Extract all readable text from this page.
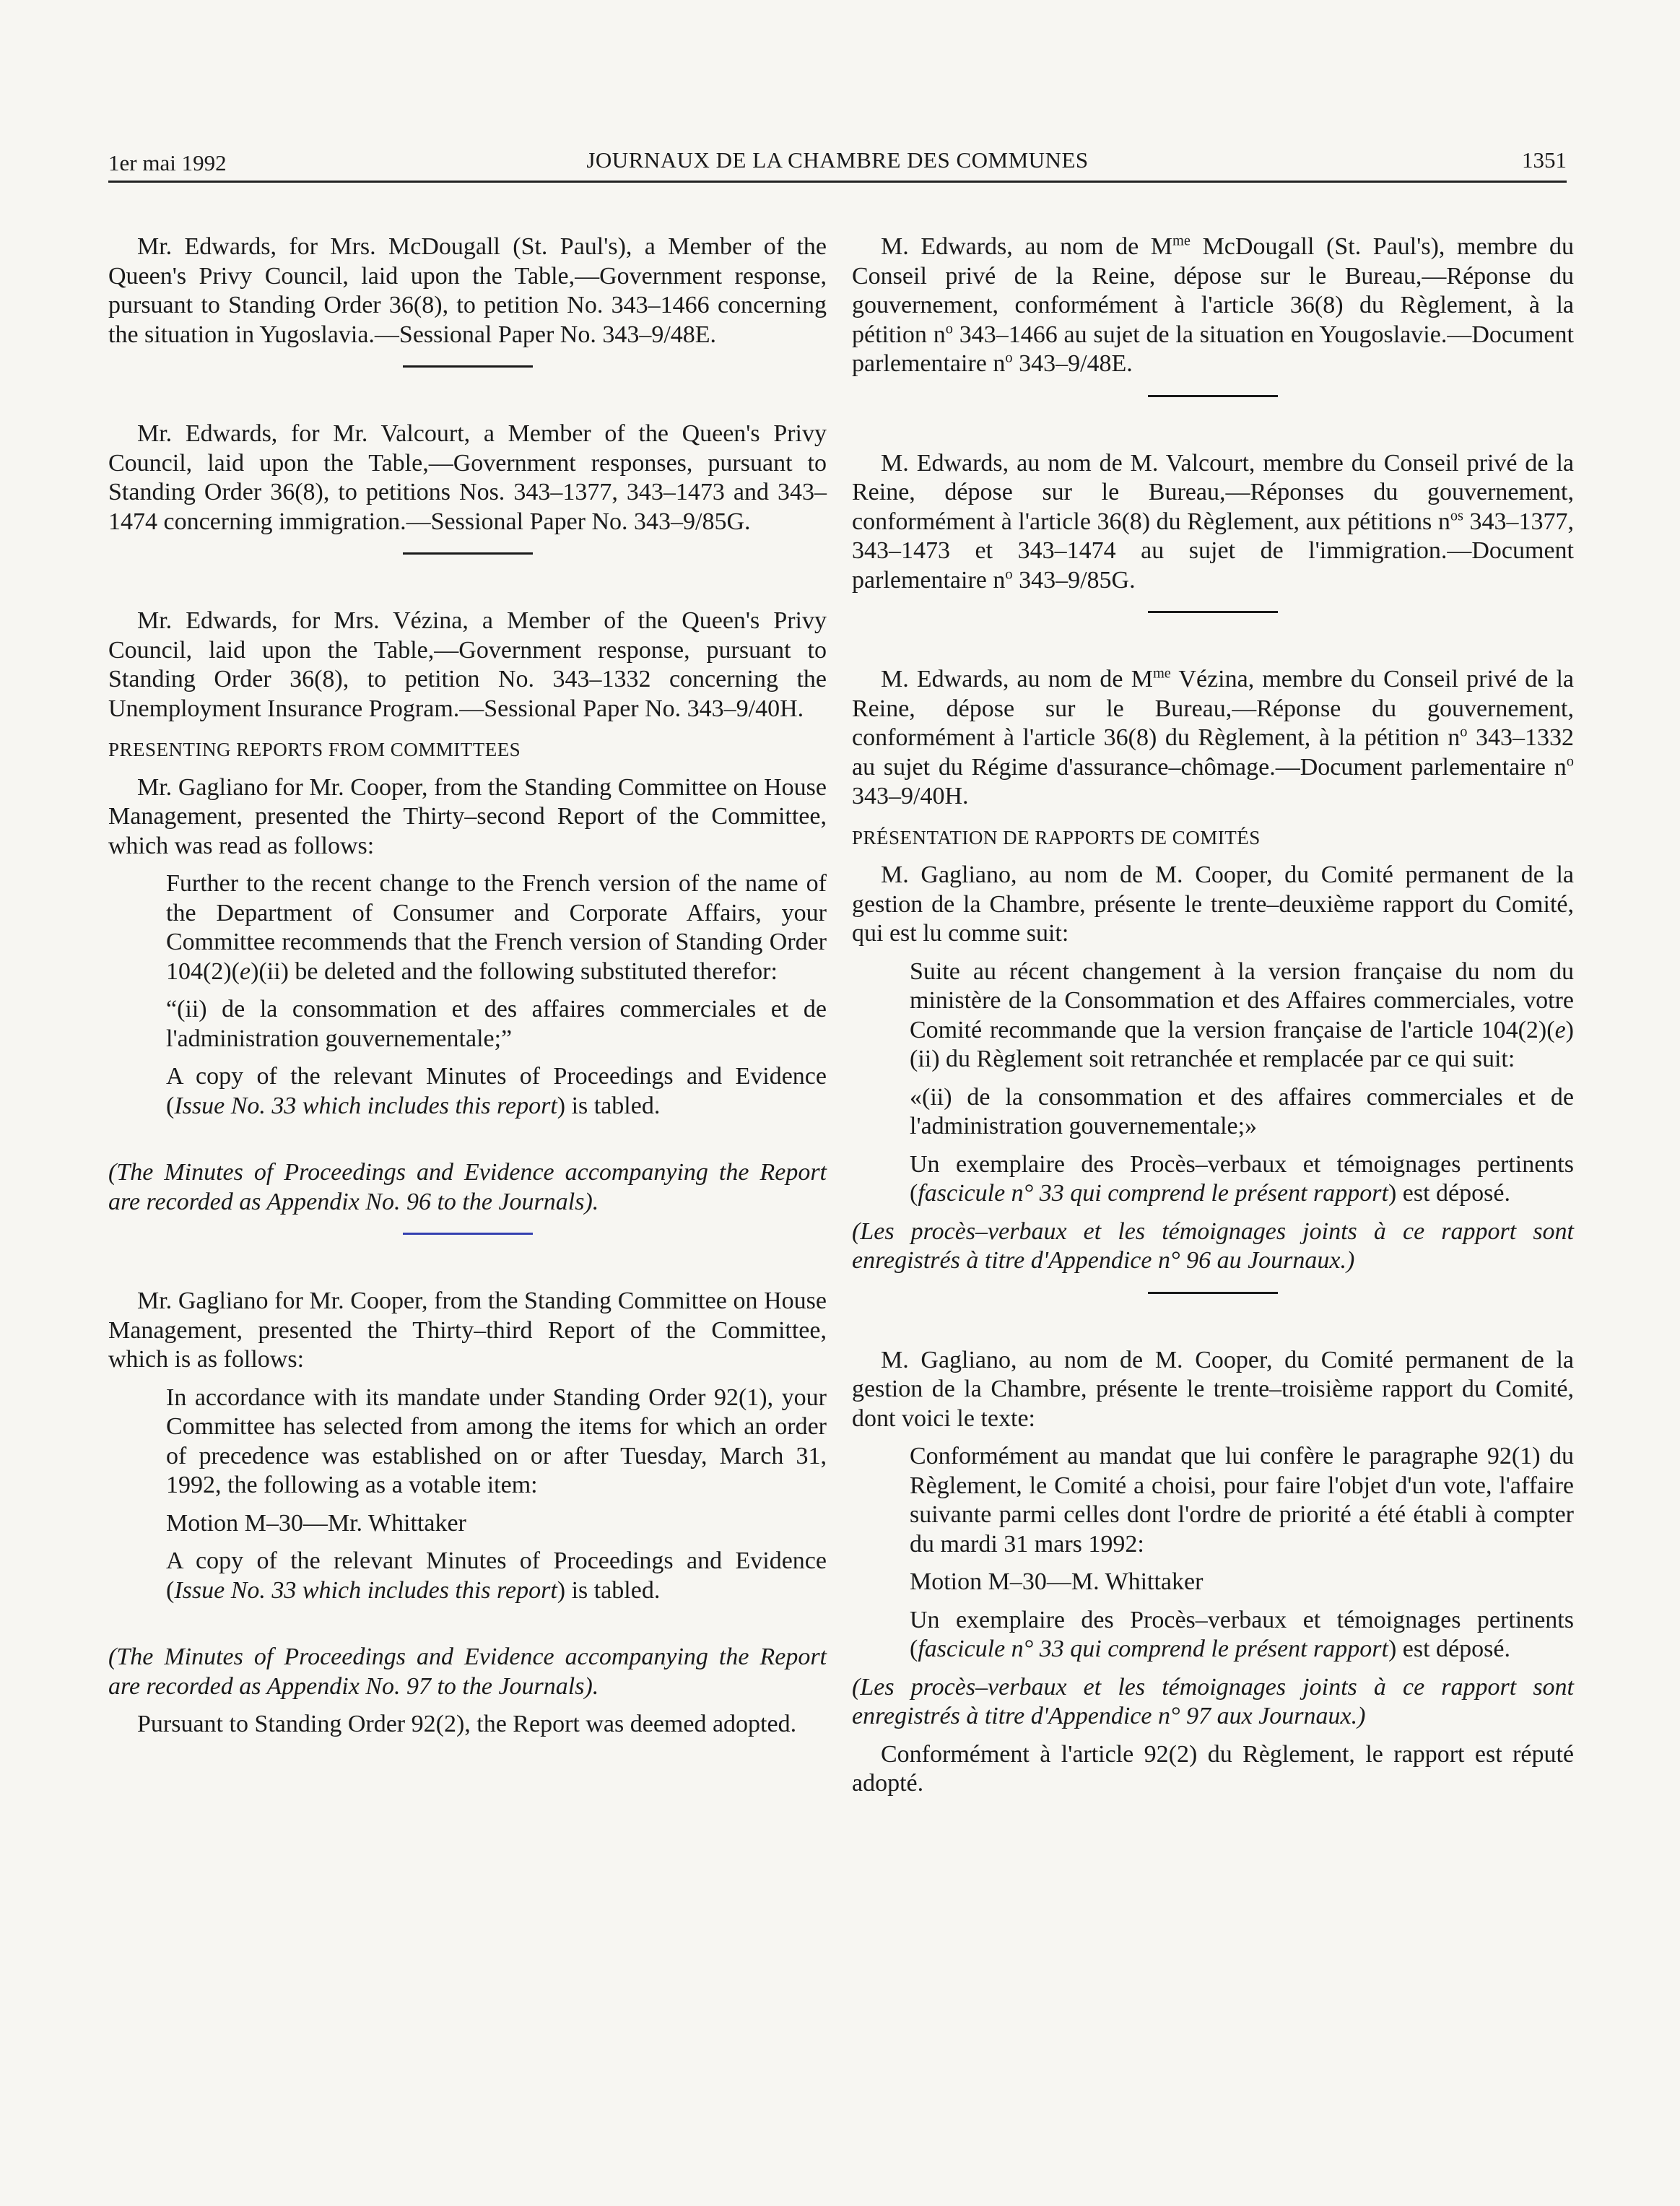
1er mai 1992	JOURNAUX DE LA CHAMBRE DES COMMUNES	1351

Mr. Edwards, for Mrs. McDougall (St. Paul's), a Member of the Queen's Privy Council, laid upon the Table,—Government response, pursuant to Standing Order 36(8), to petition No. 343–1466 concerning the situation in Yugoslavia.—Sessional Paper No. 343–9/48E.

Mr. Edwards, for Mr. Valcourt, a Member of the Queen's Privy Council, laid upon the Table,—Government responses, pursuant to Standing Order 36(8), to petitions Nos. 343–1377, 343–1473 and 343–1474 concerning immigration.—Sessional Paper No. 343–9/85G.

Mr. Edwards, for Mrs. Vézina, a Member of the Queen's Privy Council, laid upon the Table,—Government response, pursuant to Standing Order 36(8), to petition No. 343–1332 concerning the Unemployment Insurance Program.—Sessional Paper No. 343–9/40H.

PRESENTING REPORTS FROM COMMITTEES

Mr. Gagliano for Mr. Cooper, from the Standing Committee on House Management, presented the Thirty–second Report of the Committee, which was read as follows:

Further to the recent change to the French version of the name of the Department of Consumer and Corporate Affairs, your Committee recommends that the French version of Standing Order 104(2)(e)(ii) be deleted and the following substituted therefor:

“(ii) de la consommation et des affaires commerciales et de l'administration gouvernementale;”

A copy of the relevant Minutes of Proceedings and Evidence (Issue No. 33 which includes this report) is tabled.

(The Minutes of Proceedings and Evidence accompanying the Report are recorded as Appendix No. 96 to the Journals).

Mr. Gagliano for Mr. Cooper, from the Standing Committee on House Management, presented the Thirty–third Report of the Committee, which is as follows:

In accordance with its mandate under Standing Order 92(1), your Committee has selected from among the items for which an order of precedence was established on or after Tuesday, March 31, 1992, the following as a votable item:

Motion M–30—Mr. Whittaker

A copy of the relevant Minutes of Proceedings and Evidence (Issue No. 33 which includes this report) is tabled.

(The Minutes of Proceedings and Evidence accompanying the Report are recorded as Appendix No. 97 to the Journals).

Pursuant to Standing Order 92(2), the Report was deemed adopted.

M. Edwards, au nom de $M^{me}$ McDougall (St. Paul's), membre du Conseil privé de la Reine, dépose sur le Bureau,—Réponse du gouvernement, conformément à l'article 36(8) du Règlement, à la pétition $n^o$ 343–1466 au sujet de la situation en Yougoslavie.—Document parlementaire $n^o$ 343–9/48E.

M. Edwards, au nom de M. Valcourt, membre du Conseil privé de la Reine, dépose sur le Bureau,—Réponses du gouvernement, conformément à l'article 36(8) du Règlement, aux pétitions $n^{os}$ 343–1377, 343–1473 et 343–1474 au sujet de l'immigration.—Document parlementaire $n^o$ 343–9/85G.

M. Edwards, au nom de $M^{me}$ Vézina, membre du Conseil privé de la Reine, dépose sur le Bureau,—Réponse du gouvernement, conformément à l'article 36(8) du Règlement, à la pétition $n^o$ 343–1332 au sujet du Régime d'assurance–chômage.—Document parlementaire $n^o$ 343–9/40H.

PRÉSENTATION DE RAPPORTS DE COMITÉS

M. Gagliano, au nom de M. Cooper, du Comité permanent de la gestion de la Chambre, présente le trente–deuxième rapport du Comité, qui est lu comme suit:

Suite au récent changement à la version française du nom du ministère de la Consommation et des Affaires commerciales, votre Comité recommande que la version française de l'article 104(2)(e)(ii) du Règlement soit retranchée et remplacée par ce qui suit:

«(ii) de la consommation et des affaires commerciales et de l'administration gouvernementale;»

Un exemplaire des Procès–verbaux et témoignages pertinents (fascicule n° 33 qui comprend le présent rapport) est déposé.

(Les procès–verbaux et les témoignages joints à ce rapport sont enregistrés à titre d'Appendice n° 96 au Journaux.)

M. Gagliano, au nom de M. Cooper, du Comité permanent de la gestion de la Chambre, présente le trente–troisième rapport du Comité, dont voici le texte:

Conformément au mandat que lui confère le paragraphe 92(1) du Règlement, le Comité a choisi, pour faire l'objet d'un vote, l'affaire suivante parmi celles dont l'ordre de priorité a été établi à compter du mardi 31 mars 1992:

Motion M–30—M. Whittaker

Un exemplaire des Procès–verbaux et témoignages pertinents (fascicule n° 33 qui comprend le présent rapport) est déposé.

(Les procès–verbaux et les témoignages joints à ce rapport sont enregistrés à titre d'Appendice n° 97 aux Journaux.)

Conformément à l'article 92(2) du Règlement, le rapport est réputé adopté.
